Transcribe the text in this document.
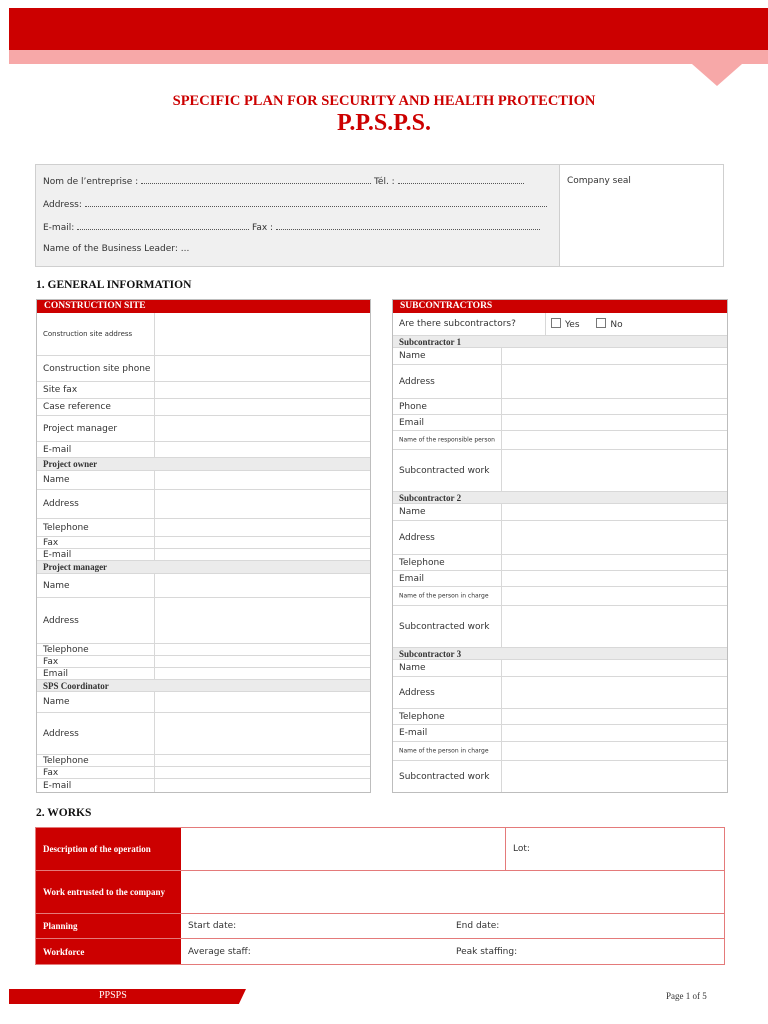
SPECIFIC PLAN FOR SECURITY AND HEALTH PROTECTION
P.P.S.P.S.
Nom de l’entreprise :	Tél. :
Address:
E-mail:	Fax :
Name of the Business Leader: ...
Company seal
1. GENERAL INFORMATION
CONSTRUCTION SITE
Construction site address
Construction site phone
Site fax
Case reference
Project manager
E-mail
Project owner
Name
Address
Telephone
Fax
E-mail
Project manager
Name
Address
Telephone
Fax
Email
SPS Coordinator
Name
Address
Telephone
Fax
E-mail
SUBCONTRACTORS
Are there subcontractors?	Yes	No
Subcontractor 1
Name
Address
Phone
Email
Name of the responsible person
Subcontracted work
Subcontractor 2
Name
Address
Telephone
Email
Name of the person in charge
Subcontracted work
Subcontractor 3
Name
Address
Telephone
E-mail
Name of the person in charge
Subcontracted work
2. WORKS
Description of the operation	Lot:
Work entrusted to the company
Planning	Start date:	End date:
Workforce	Average staff:	Peak staffing:
PPSPS	Page 1 of 5
